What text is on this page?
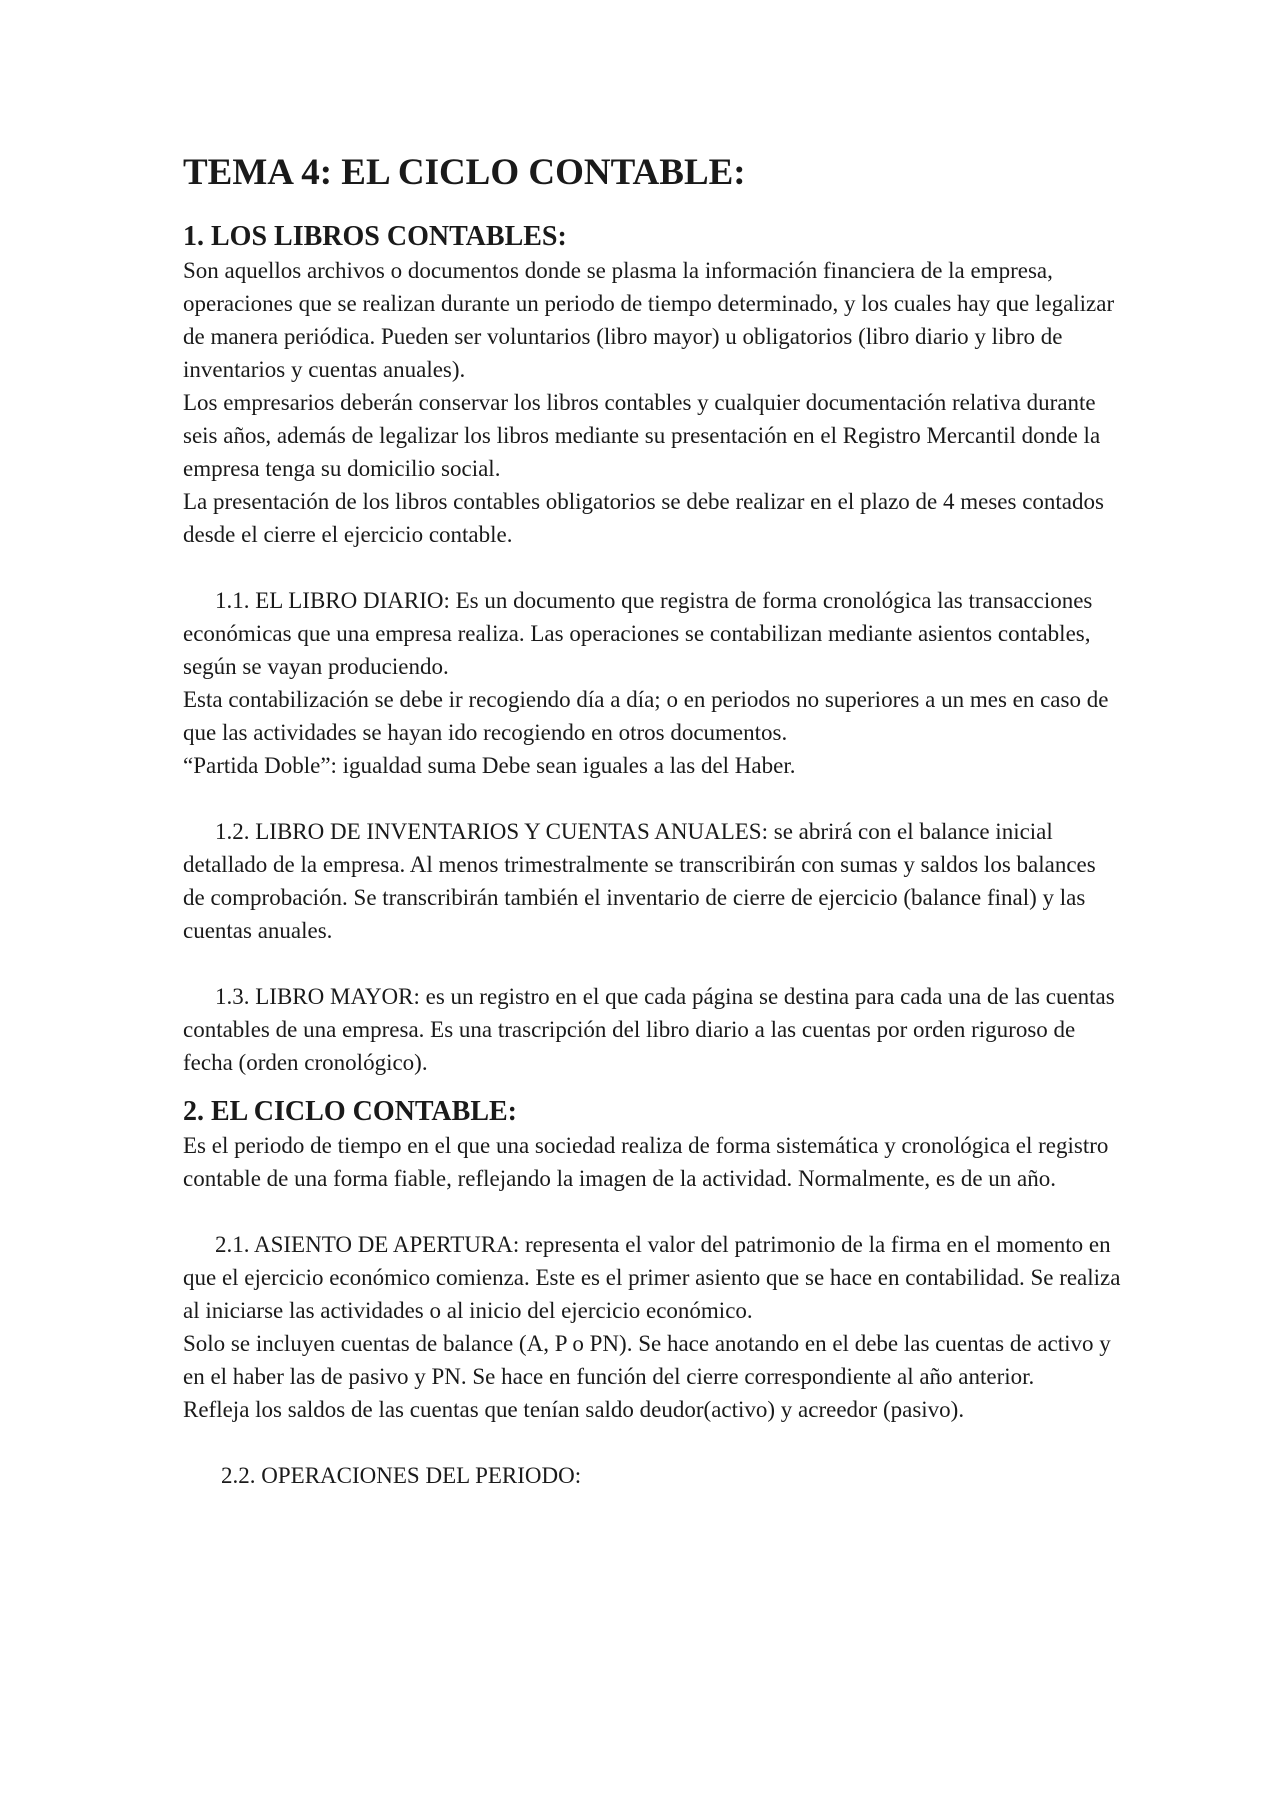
TEMA 4: EL CICLO CONTABLE:
1. LOS LIBROS CONTABLES:

Son aquellos archivos o documentos donde se plasma la información financiera de la empresa, operaciones que se realizan durante un periodo de tiempo determinado, y los cuales hay que legalizar de manera periódica. Pueden ser voluntarios (libro mayor) u obligatorios (libro diario y libro de inventarios y cuentas anuales).

Los empresarios deberán conservar los libros contables y cualquier documentación relativa durante seis años, además de legalizar los libros mediante su presentación en el Registro Mercantil donde la empresa tenga su domicilio social.

La presentación de los libros contables obligatorios se debe realizar en el plazo de 4 meses contados desde el cierre el ejercicio contable.

1.1. EL LIBRO DIARIO: Es un documento que registra de forma cronológica las transacciones económicas que una empresa realiza. Las operaciones se contabilizan mediante asientos contables, según se vayan produciendo.

Esta contabilización se debe ir recogiendo día a día; o en periodos no superiores a un mes en caso de que las actividades se hayan ido recogiendo en otros documentos.

“Partida Doble”: igualdad suma Debe sean iguales a las del Haber.

1.2. LIBRO DE INVENTARIOS Y CUENTAS ANUALES: se abrirá con el balance inicial detallado de la empresa. Al menos trimestralmente se transcribirán con sumas y saldos los balances de comprobación. Se transcribirán también el inventario de cierre de ejercicio (balance final) y las cuentas anuales.

1.3. LIBRO MAYOR: es un registro en el que cada página se destina para cada una de las cuentas contables de una empresa. Es una trascripción del libro diario a las cuentas por orden riguroso de fecha (orden cronológico).

2. EL CICLO CONTABLE:

Es el periodo de tiempo en el que una sociedad realiza de forma sistemática y cronológica el registro contable de una forma fiable, reflejando la imagen de la actividad. Normalmente, es de un año.

2.1. ASIENTO DE APERTURA: representa el valor del patrimonio de la firma en el momento en que el ejercicio económico comienza. Este es el primer asiento que se hace en contabilidad. Se realiza al iniciarse las actividades o al inicio del ejercicio económico.

Solo se incluyen cuentas de balance (A, P o PN). Se hace anotando en el debe las cuentas de activo y en el haber las de pasivo y PN. Se hace en función del cierre correspondiente al año anterior.

Refleja los saldos de las cuentas que tenían saldo deudor(activo) y acreedor (pasivo).

2.2. OPERACIONES DEL PERIODO:
